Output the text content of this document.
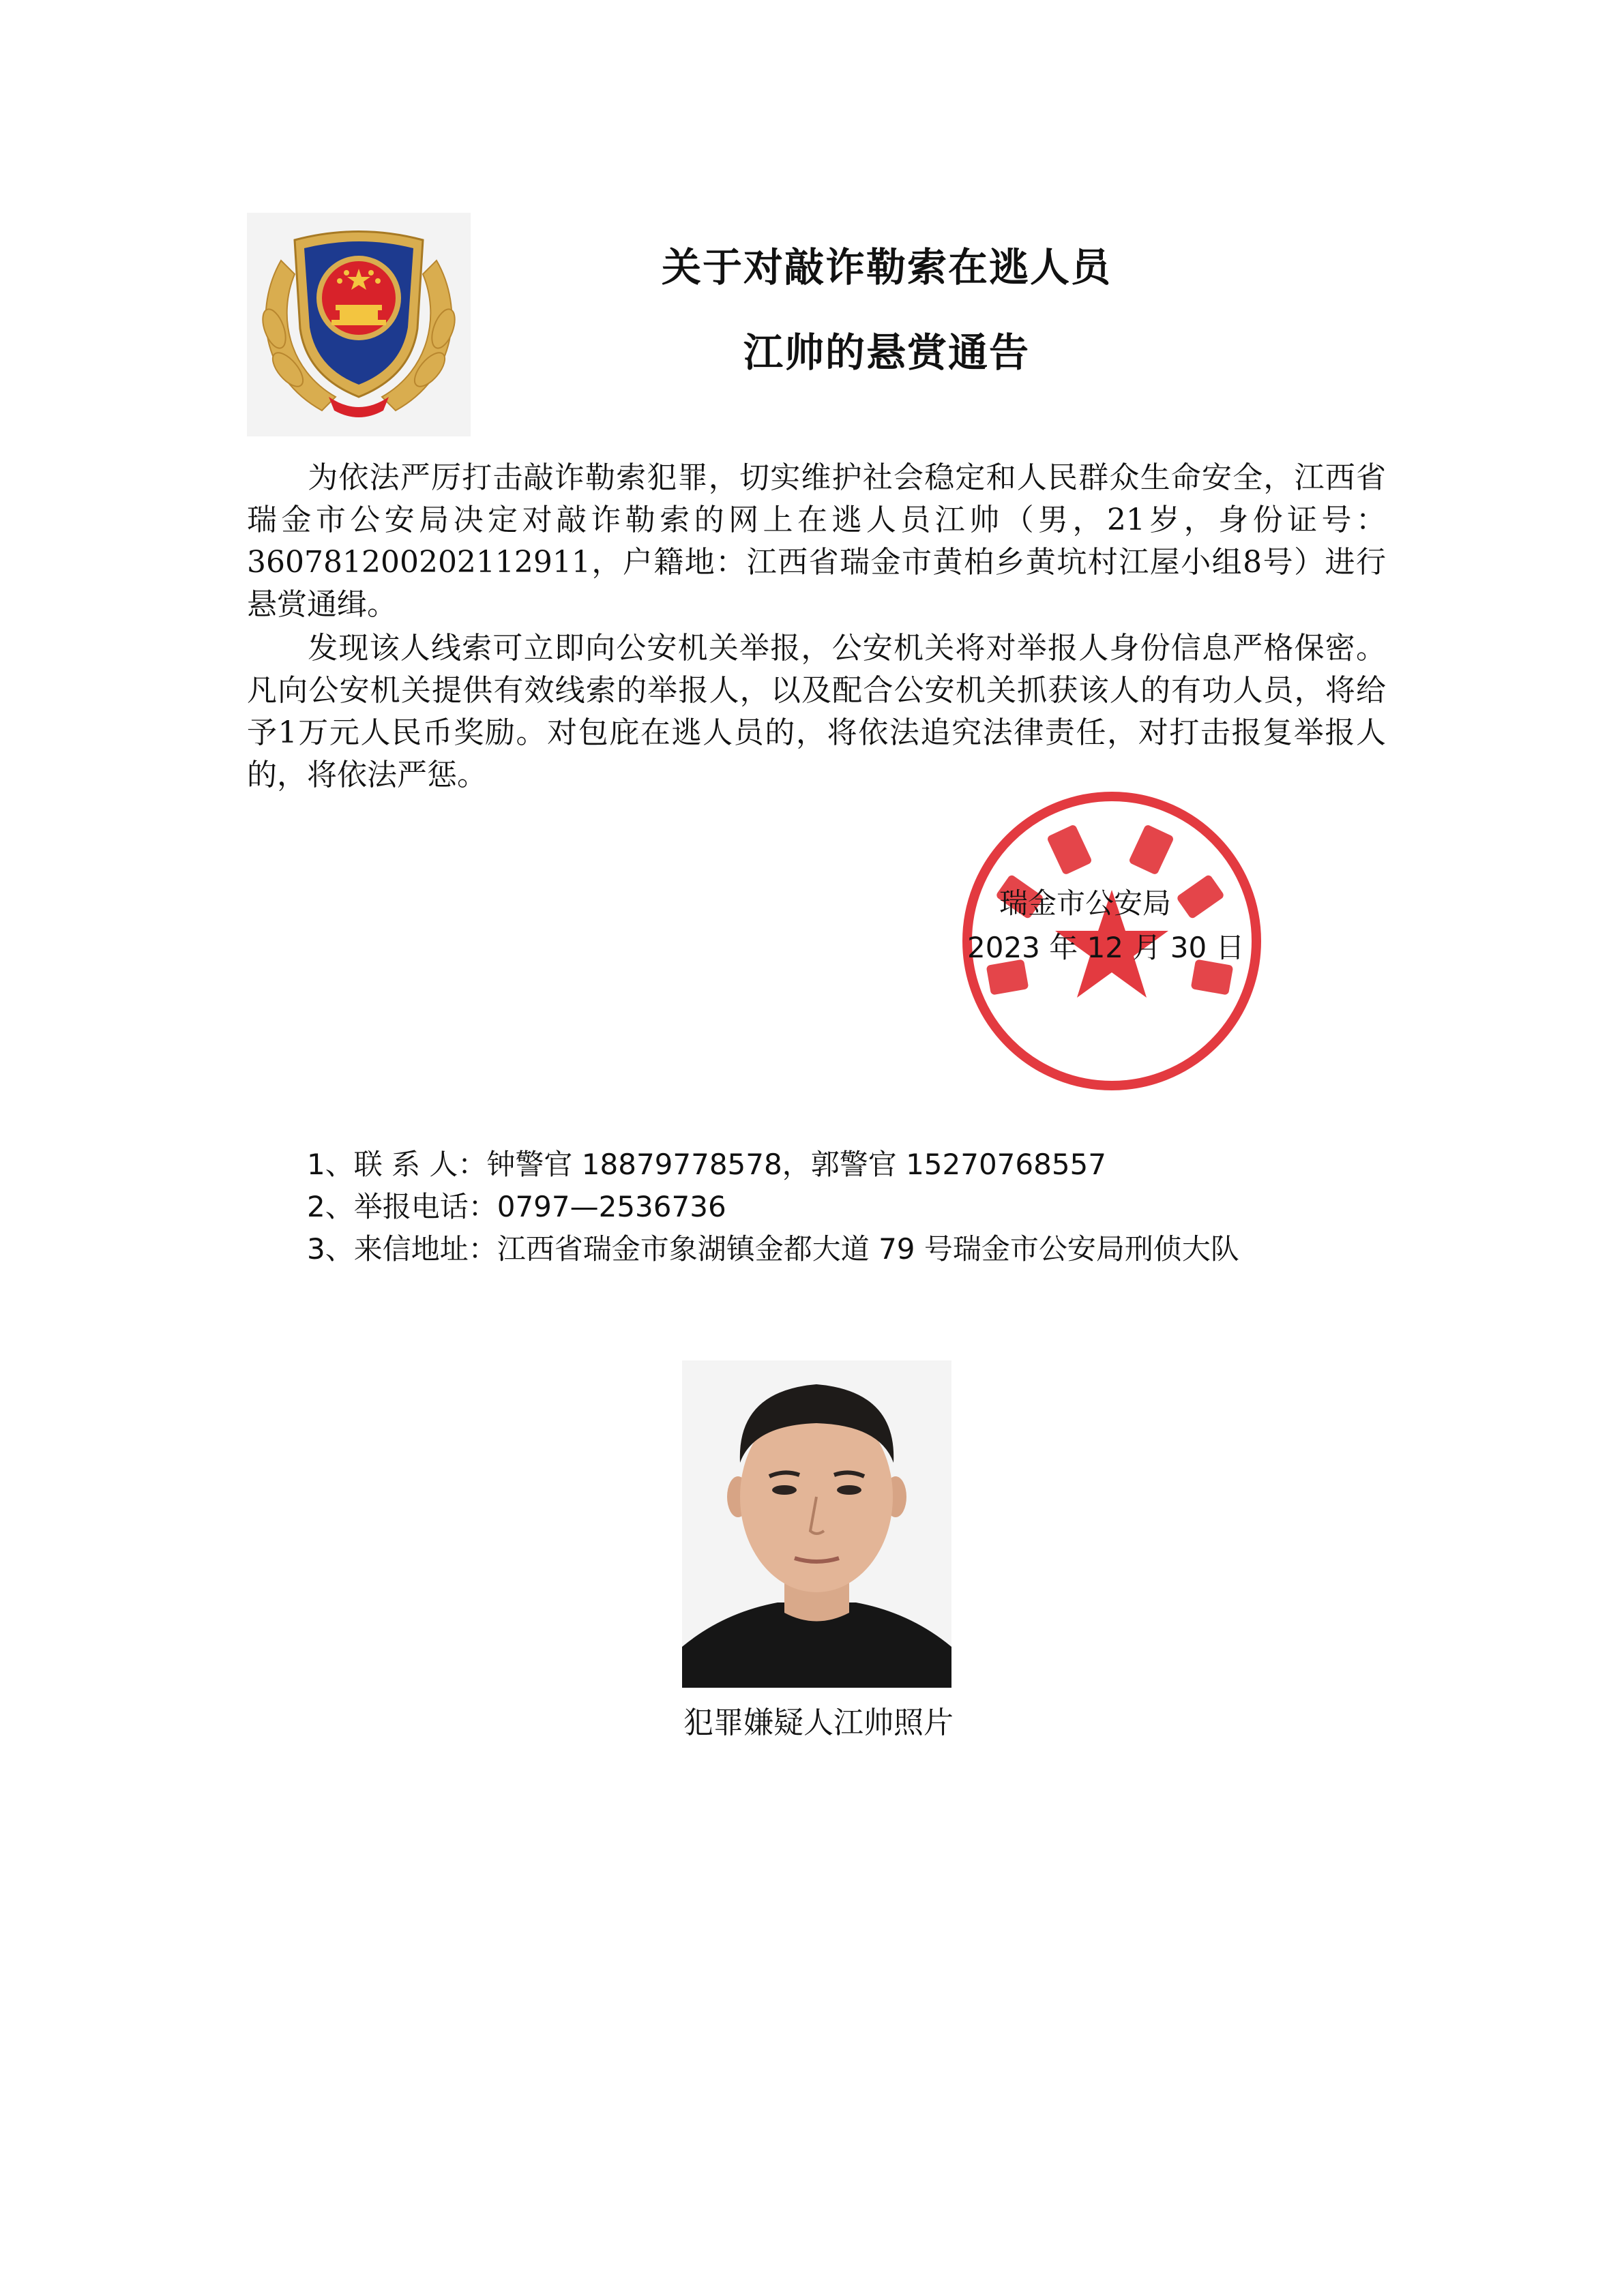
关于对敲诈勒索在逃人员
江帅的悬赏通告

为依法严厉打击敲诈勒索犯罪，切实维护社会稳定和人民群众生命安全，江西省瑞金市公安局决定对敲诈勒索的网上在逃人员江帅（男，21岁，身份证号：360781200202112911，户籍地：江西省瑞金市黄柏乡黄坑村江屋小组8号）进行悬赏通缉。

发现该人线索可立即向公安机关举报，公安机关将对举报人身份信息严格保密。凡向公安机关提供有效线索的举报人，以及配合公安机关抓获该人的有功人员，将给予1万元人民币奖励。对包庇在逃人员的，将依法追究法律责任，对打击报复举报人的，将依法严惩。

瑞金市公安局
2023 年 12 月 30 日
1、联 系 人：钟警官 18879778578，郭警官 15270768557
2、举报电话：0797—2536736
3、来信地址：江西省瑞金市象湖镇金都大道 79 号瑞金市公安局刑侦大队
犯罪嫌疑人江帅照片
